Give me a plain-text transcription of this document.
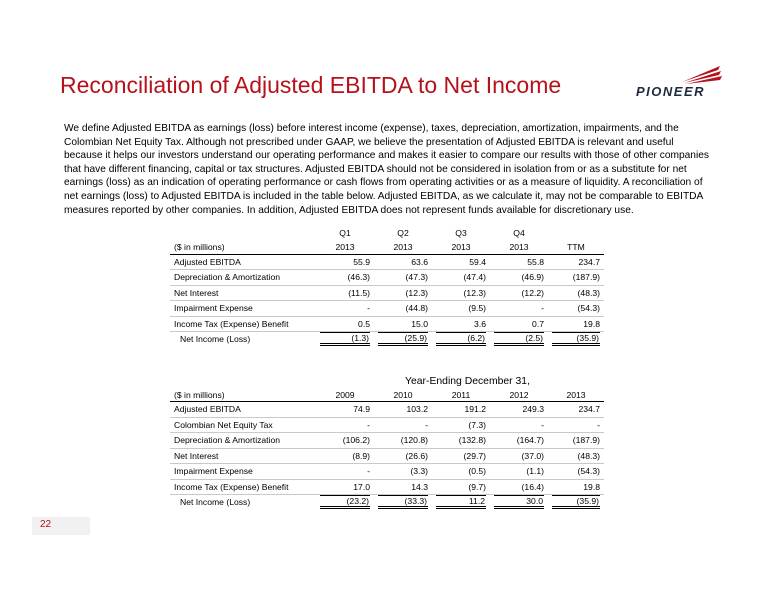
Reconciliation of Adjusted EBITDA to Net Income	PIONEER
We define Adjusted EBITDA as earnings (loss) before interest income (expense), taxes, depreciation, amortization, impairments, and the Colombian Net Equity Tax. Although not prescribed under GAAP, we believe the presentation of Adjusted EBITDA is relevant and useful because it helps our investors understand our operating performance and makes it easier to compare our results with those of other companies that have different financing, capital or tax structures. Adjusted EBITDA should not be considered in isolation from or as a substitute for net earnings (loss) as an indication of operating performance or cash flows from operating activities or as a measure of liquidity. A reconciliation of net earnings (loss) to Adjusted EBITDA is included in the table below. Adjusted EBITDA, as we calculate it, may not be comparable to EBITDA measures reported by other companies. In addition, Adjusted EBITDA does not represent funds available for discretionary use.
	Q1	Q2	Q3	Q4	
($ in millions)	2013	2013	2013	2013	TTM
Adjusted EBITDA	55.9	63.6	59.4	55.8	234.7
Depreciation & Amortization	(46.3)	(47.3)	(47.4)	(46.9)	(187.9)
Net Interest	(11.5)	(12.3)	(12.3)	(12.2)	(48.3)
Impairment Expense	-	(44.8)	(9.5)	-	(54.3)
Income Tax (Expense) Benefit	0.5	15.0	3.6	0.7	19.8
Net Income (Loss)	(1.3)	(25.9)	(6.2)	(2.5)	(35.9)
Year-Ending December 31,
($ in millions)	2009	2010	2011	2012	2013
Adjusted EBITDA	74.9	103.2	191.2	249.3	234.7
Colombian Net Equity Tax	-	-	(7.3)	-	-
Depreciation & Amortization	(106.2)	(120.8)	(132.8)	(164.7)	(187.9)
Net Interest	(8.9)	(26.6)	(29.7)	(37.0)	(48.3)
Impairment Expense	-	(3.3)	(0.5)	(1.1)	(54.3)
Income Tax (Expense) Benefit	17.0	14.3	(9.7)	(16.4)	19.8
Net Income (Loss)	(23.2)	(33.3)	11.2	30.0	(35.9)
22
